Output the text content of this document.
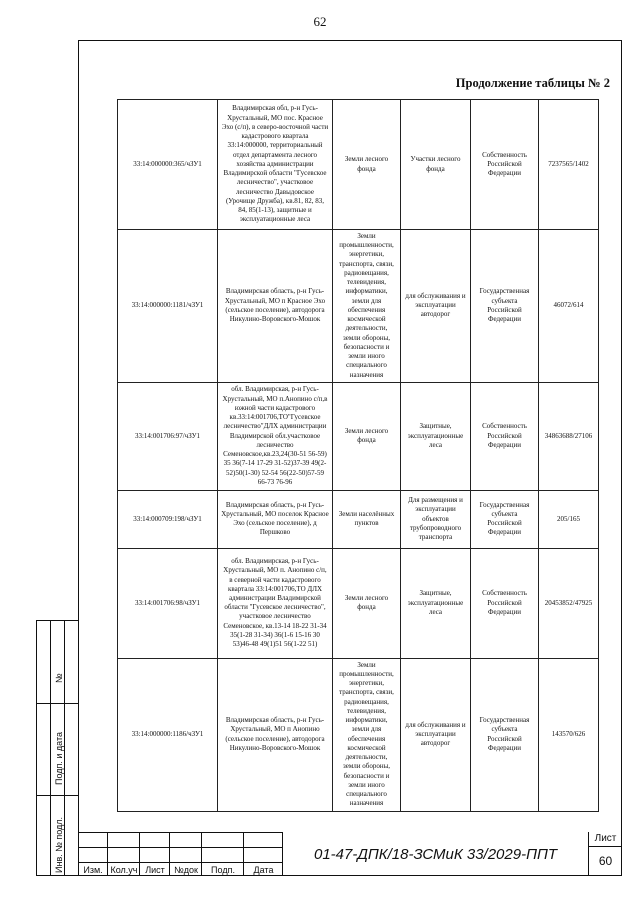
62
Продолжение таблицы № 2
33:14:000000:365/чЗУ1	Владимирская обл, р-н Гусь-Хрустальный, МО пос. Красное Эхо (с/п), в северо-восточной части кадастрового квартала 33:14:000000, территориальный отдел департамента лесного хозяйства администрации Владимирской области "Гусевское лесничество", участковое лесничество Давыдовское (Урочище Дружба), кв.81, 82, 83, 84, 85(1-13), защитные и эксплуатационные леса	Земли лесного фонда	Участки лесного фонда	Собственность Российской Федерации	7237565/1402
33:14:000000:1181/чЗУ1	Владимирская область, р-н Гусь-Хрустальный, МО п Красное Эхо (сельское поселение), автодорога Никулино-Воровского-Мошок	Земли промышленности, энергетики, транспорта, связи, радиовещания, телевидения, информатики, земли для обеспечения космической деятельности, земли обороны, безопасности и земли иного специального назначения	для обслуживания и эксплуатации автодорог	Государственная субъекта Российской Федерации	46072/614
33:14:001706:97/чЗУ1	обл. Владимирская, р-н Гусь-Хрустальный, МО п.Анопино с/п,в южной части кадастрового кв.33:14:001706,ТО"Гусевское лесничество"ДЛХ администрации Владимирской обл.участковое лесничество Семеновское,кв.23,24(30-51 56-59) 35 36(7-14 17-29 31-52)37-39 49(2-52)50(1-30) 52-54 56(22-50)57-59 66-73 76-96	Земли лесного фонда	Защитные, эксплуатационные леса	Собственность Российской Федерации	34863688/27106
33:14:000709:198/чЗУ1	Владимирская область, р-н Гусь-Хрустальный, МО поселок Красное Эхо (сельское поселение), д Першково	Земли населённых пунктов	Для размещения и эксплуатации объектов трубопроводного транспорта	Государственная субъекта Российской Федерации	205/165
33:14:001706:98/чЗУ1	обл. Владимирская, р-н Гусь-Хрустальный, МО п. Анопино с/п, в северной части кадастрового квартала 33:14:001706,ТО ДЛХ администрации Владимирской области "Гусевское лесничество", участковое лесничество Семеновское, кв.13-14 18-22 31-34 35(1-28 31-34) 36(1-6 15-16 30 53)46-48 49(1)51 56(1-22 51)	Земли лесного фонда	Защитные, эксплуатационные леса	Собственность Российской Федерации	20453852/47925
33:14:000000:1186/чЗУ1	Владимирская область, р-н Гусь-Хрустальный, МО п Анопино (сельское поселение), автодорога Никулино-Воровского-Мошок	Земли промышленности, энергетики, транспорта, связи, радиовещания, телевидения, информатики, земли для обеспечения космической деятельности, земли обороны, безопасности и земли иного специального назначения	для обслуживания и эксплуатации автодорог	Государственная субъекта Российской Федерации	143570/626
Инв. № подл.
Подп. и дата
№
Изм. Кол.уч Лист	№док	Подп.	Дата
01-47-ДПК/18-ЗСМиК 33/2029-ППТ
Лист
60
